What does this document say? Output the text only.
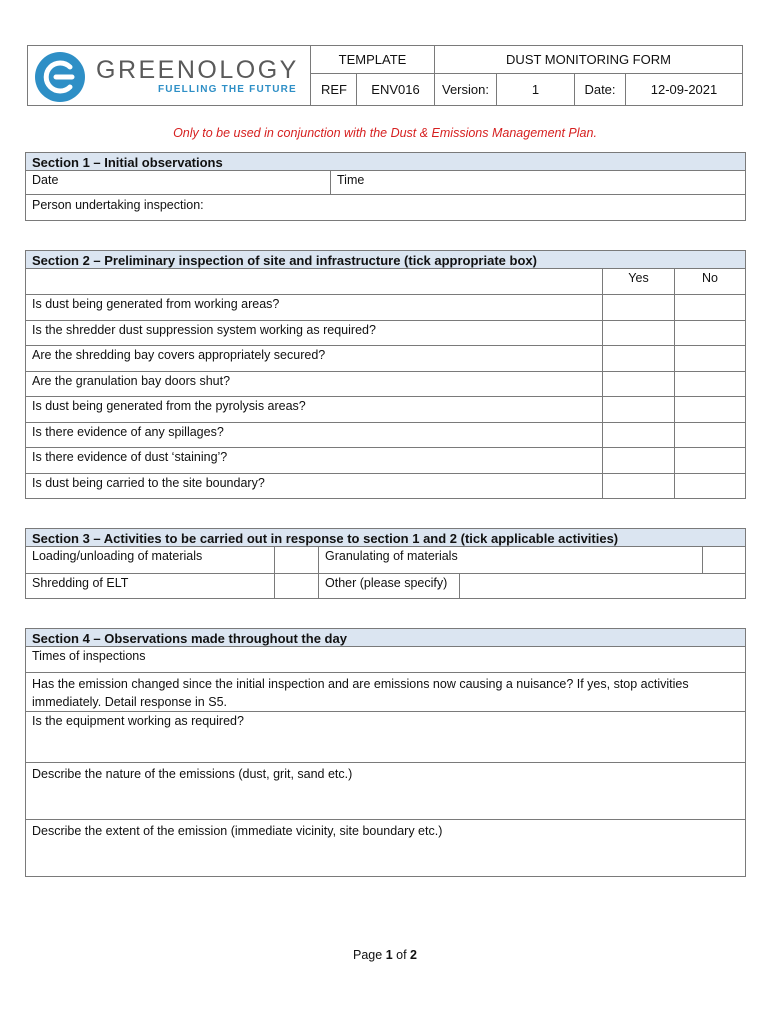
GREENOLOGY
FUELLING THE FUTURE
TEMPLATE	DUST MONITORING FORM
REF	ENV016	Version:	1	Date:	12-09-2021
Only to be used in conjunction with the Dust & Emissions Management Plan.
Section 1 – Initial observations
Date	Time
Person undertaking inspection:
Section 2 – Preliminary inspection of site and infrastructure (tick appropriate box)
Yes	No
Is dust being generated from working areas?
Is the shredder dust suppression system working as required?
Are the shredding bay covers appropriately secured?
Are the granulation bay doors shut?
Is dust being generated from the pyrolysis areas?
Is there evidence of any spillages?
Is there evidence of dust ‘staining’?
Is dust being carried to the site boundary?
Section 3 – Activities to be carried out in response to section 1 and 2 (tick applicable activities)
Loading/unloading of materials	Granulating of materials
Shredding of ELT	Other (please specify)
Section 4 – Observations made throughout the day
Times of inspections
Has the emission changed since the initial inspection and are emissions now causing a nuisance? If yes, stop activities
immediately. Detail response in S5.
Is the equipment working as required?
Describe the nature of the emissions (dust, grit, sand etc.)
Describe the extent of the emission (immediate vicinity, site boundary etc.)
Page 1 of 2
